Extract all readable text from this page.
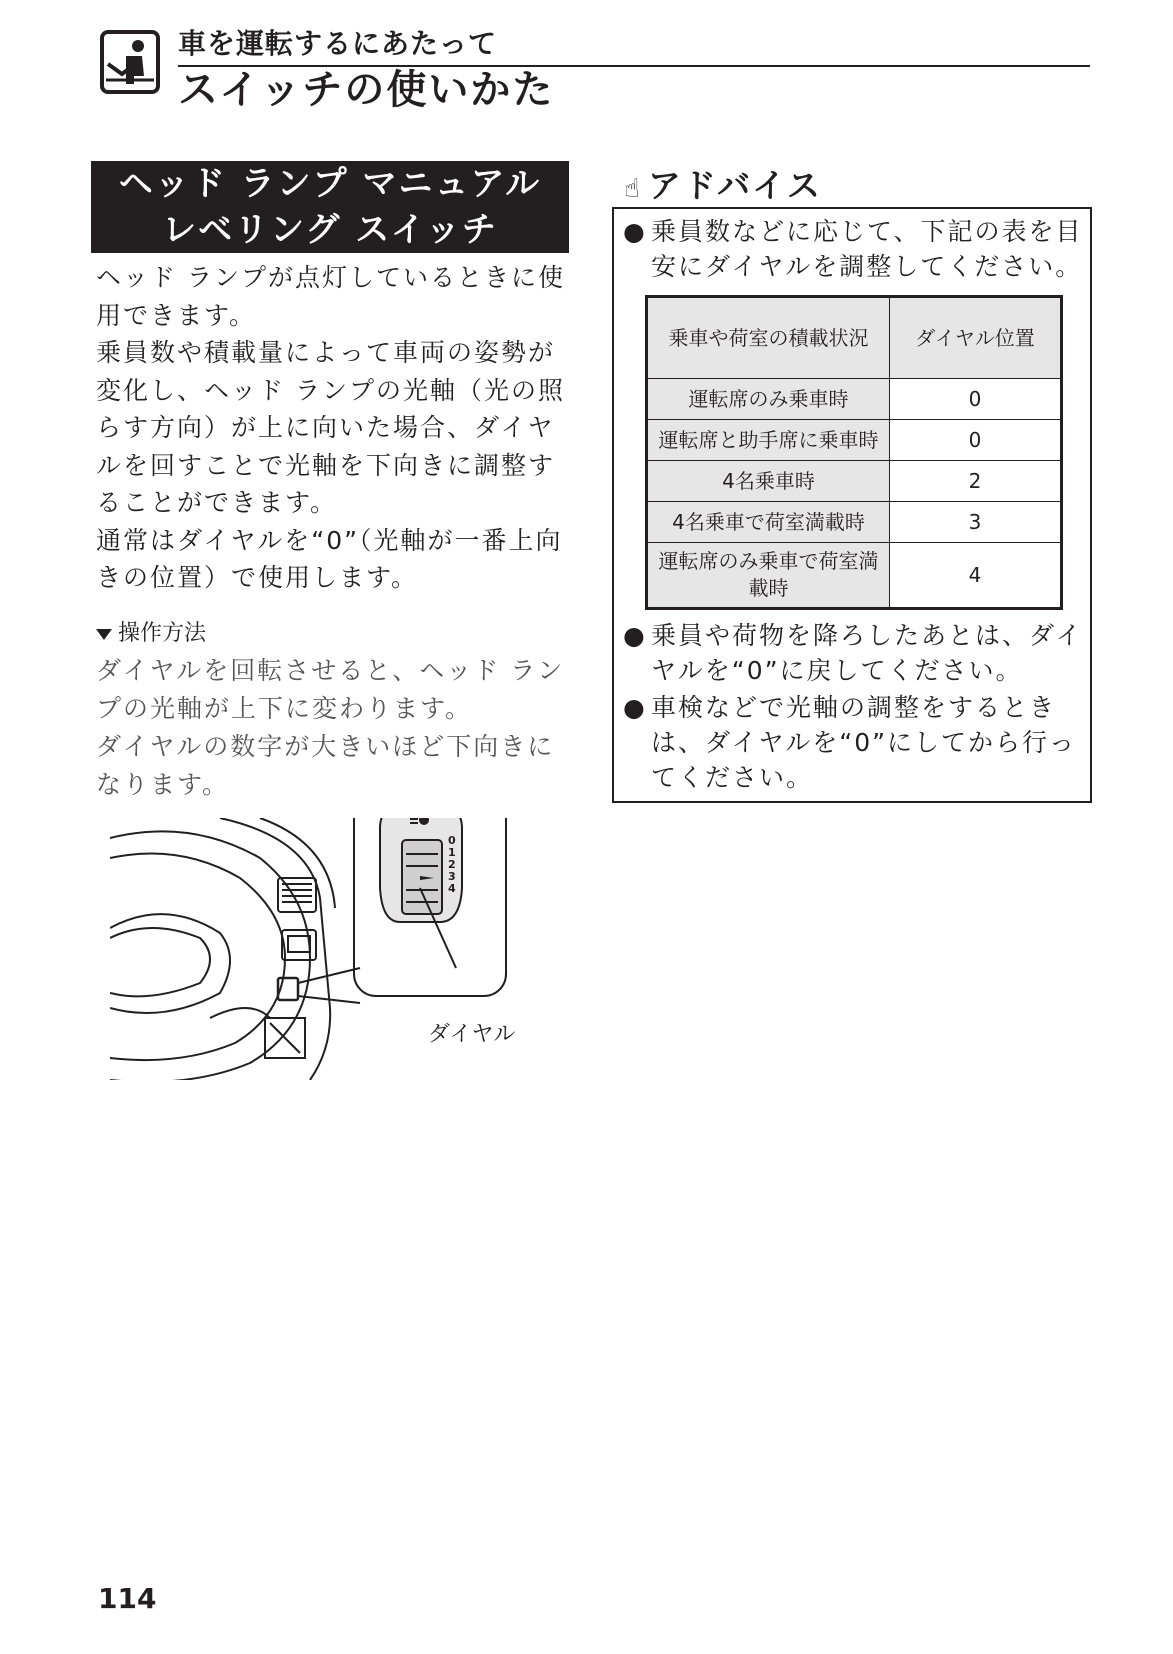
車を運転するにあたって
スイッチの使いかた
ヘッド ランプ マニュアル
レベリング スイッチ

ヘッド ランプが点灯しているときに使用できます。

乗員数や積載量によって車両の姿勢が変化し、ヘッド ランプの光軸（光の照らす方向）が上に向いた場合、ダイヤルを回すことで光軸を下向きに調整することができます。

通常はダイヤルを“0”（光軸が一番上向きの位置）で使用します。

操作方法

ダイヤルを回転させると、ヘッド ランプの光軸が上下に変わります。

ダイヤルの数字が大きいほど下向きになります。

0
1
2
3
4
ダイヤル
☝ アドバイス
● 乗員数などに応じて、下記の表を目安にダイヤルを調整してください。
乗車や荷室の積載状況	ダイヤル位置
運転席のみ乗車時	0
運転席と助手席に乗車時	0
4名乗車時	2
4名乗車で荷室満載時	3
運転席のみ乗車で荷室満載時	4
● 乗員や荷物を降ろしたあとは、ダイヤルを“0”に戻してください。
● 車検などで光軸の調整をするときは、ダイヤルを“0”にしてから行ってください。
114
